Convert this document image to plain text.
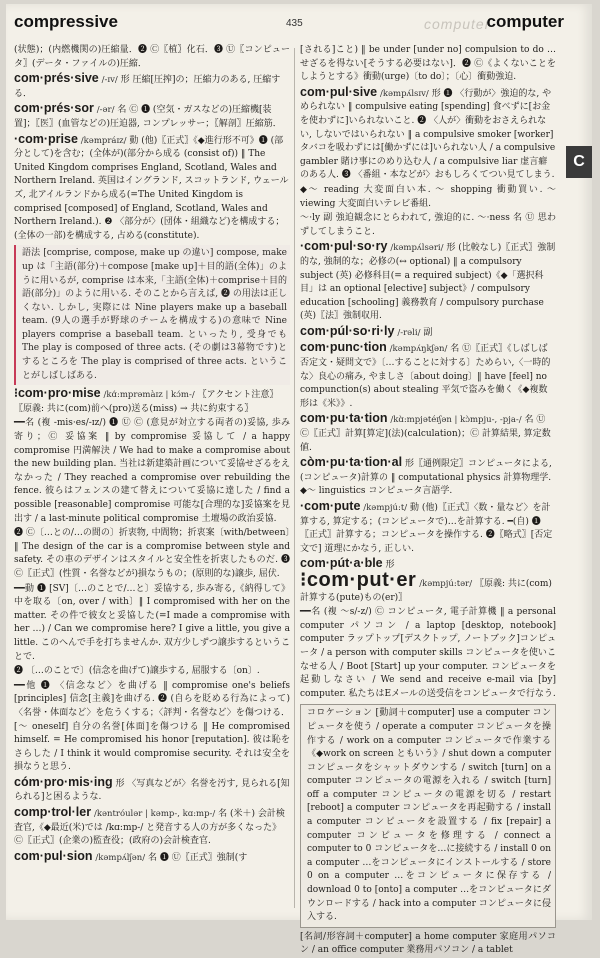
compressive	435	computer
computer
C
(状態)；(内燃機関の)圧縮量．❷ Ⓒ〖植〗化石．❸ Ⓤ〖コンピュータ〗(データ・ファイルの)圧縮．
com·prés·sive /-ɪv/ 形 圧縮[圧搾]の；圧縮力のある, 圧縮する．
com·prés·sor /-ər/ 名 Ⓒ ❶ (空気・ガスなどの)圧縮機[装置]；〖医〗(血管などの)圧迫器, コンプレッサー；〖解剖〗圧縮筋．
·com·prise /kəmpráɪz/ 動 (他)〖正式〗《◆進行形不可》❶ (部分として)を含む；(全体が)(部分から成る (consist of)) ‖ The United Kingdom comprises England, Scotland, Wales and Northern Ireland. 英国はイングランド, スコットランド, ウェールズ, 北アイルランドから成る(=The United Kingdom is comprised [composed] of England, Scotland, Wales and Northern Ireland.). ❷ 〈部分が〉(団体・組織など)を構成する；(全体の一部)を構成する, 占める(constitute).
語法 [comprise, compose, make up の違い] compose, make up は「主語(部分)＋compose [make up]＋目的語(全体)」のように用いるが, comprise は本来,「主語(全体)＋comprise＋目的語(部分)」のように用いる. そのことから言えば, ❷ の用法は正しくない. しかし, 実際には Nine players make up a baseball team. (9人の選手が野球のチームを構成する)の意味で Nine players comprise a baseball team. といったり, 受身でも The play is composed of three acts. (その劇は3幕物です)とするところを The play is comprised of three acts. ということがしばしばある.
⁝com·pro·mise /kɑ́:mprəmàɪz | kɔ́m-/ 〖アクセント注意〗〖原義: 共に(com)前へ(pro)送る(miss) → 共に約束する〗
━━名 (複 -mis·es/-ɪz/) ❶ Ⓤ Ⓒ (意見が対立する両者の)妥協, 歩み寄り；Ⓒ 妥協案 ‖ by compromise 妥協して / a happy compromise 円満解決 / We had to make a compromise about the new building plan. 当社は新建築計画について妥協せざるをえなかった / They reached a compromise over rebuilding the fence. 彼らはフェンスの建て替えについて妥協に達した / find a possible [reasonable] compromise 可能な[合理的な]妥協案を見出す / a last-minute political compromise 土壇場の政治妥協.
❷ Ⓒ〔…との/…の間の〕折衷物, 中間物；折衷案〔with/between〕‖ The design of the car is a compromise between style and safety. その車のデザインはスタイルと安全性を折衷したものだ. ❸ Ⓒ〖正式〗(性質・名誉などが)損なうもの；(原則的な)譲歩, 屈伏.
━━動 ❶ [SV]〔…のことで/…と〕妥協する, 歩み寄る,《納得して》中を取る〔on, over / with〕‖ I compromised with her on the matter. その件で彼女と妥協した(=I made a compromise with her …) / Can we compromise here? I give a little, you give a little. このへんで手を打ちませんか. 双方少しずつ譲歩するということで.
❷ 〔…のことで〕(信念を曲げて)譲歩する, 屈服する〔on〕.
━━他 ❶ 〈信念など〉を曲げる ‖ compromise one's beliefs [principles] 信念[主義]を曲げる. ❷ (自らを貶める行為によって)〈名誉・体面など〉を危うくする；〈評判・名誉など〉を傷つける．[～ oneself] 自分の名誉[体面]を傷つける ‖ He compromised himself. = He compromised his honor [reputation]. 彼は恥をさらした / I think it would compromise security. それは安全を損なうと思う.
cóm·pro·mis·ing 形 〈写真などが〉名誉を汚す, 見られる[知られる]と困るような.
comp·trol·ler /kəntróulər | kəmp-, kɑ:mp-/ 名 (米＋) 会計検査官,《◆最近(米)では /kɑ:mp-/ と発音する人の方が多くなった》Ⓒ〖正式〗(企業の)監査役；(政府の)会計検査官.
com·pul·sion /kəmpʌ́lʃən/ 名 ❶ Ⓤ〖正式〗強制(す
[される]こと) ‖ be under [under no] compulsion to do …せざるを得ない[そうする必要はない]．❷ Ⓒ《よくないことをしようとする》衝動(urge)〔to do〕；〔心〕衝動強迫.
com·pul·sive /kəmpʌ́lsɪv/ 形 ❶ 〈行動が〉強迫的な, やめられない ‖ compulsive eating [spending] 食べずに[お金を使わずに]いられないこと. ❷ 〈人が〉衝動をおさえられない, しないではいられない ‖ a compulsive smoker [worker] タバコを吸わずには[働かずには]いられない人 / a compulsive gambler 賭け事にのめり込む人 / a compulsive liar 虚言癖のある人. ❸ 〈番組・本などが〉おもしろくてつい見てしまう.
◆～ reading 大変面白い本. ～ shopping 衝動買い. ～ viewing 大変面白いテレビ番組.
～·ly 副 強迫観念にとらわれて, 強迫的に. ～·ness 名 Ⓤ 思わずしてしまうこと.
·com·pul·so·ry /kəmpʌ́lsəri/ 形 (比較なし)〖正式〗強制的な, 強制的な；必修の(↔ optional) ‖ a compulsory subject (英) 必修科目(= a required subject)《◆「選択科目」は an optional [elective] subject》/ compulsory education [schooling] 義務教育 / compulsory purchase (英)〖法〗強制収用.
com·púl·so·ri·ly /-rəli/ 副
com·punc·tion /kəmpʌ́ŋkʃən/ 名 Ⓤ〖正式〗《しばしば否定文・疑問文で》〔…することに対する〕ためらい,〈一時的な〉良心の痛み, やましさ〔about doing〕‖ have [feel] no compunction(s) about stealing 平気で盗みを働く《◆複数形は《米》》.
com·pu·ta·tion /kɑ̀:mpjətéɪʃən | kɔ̀mpju-, -pja-/ 名 Ⓤ Ⓒ〖正式〗計算[算定](法)(calculation)；Ⓒ 計算結果, 算定数値.
còm·pu·ta·tion·al 形〖通例限定〗コンピュータによる,(コンピュータ)計算の ‖ computational physics 計算物理学. ◆～ linguistics コンピュータ言語学.
·com·pute /kəmpjú:t/ 動 (他)〖正式〗〈数・量など〉を計算する, 算定する；(コンピュータで)…を計算する. ━(自) ❶〖正式〗計算する；コンピュータを操作する. ❷〖略式〗[否定文で] 道理にかなう, 正しい.
com·pút·a·ble 形
⁝com·put·er /kəmpjú:tər/ 〖原義: 共に(com)計算する(pute)もの(er)〗
━━名 (複 ～s/-z/) Ⓒ コンピュータ, 電子計算機 ‖ a personal computer パソコン / a laptop [desktop, notebook] computer ラップトップ[デスクトップ, ノートブック]コンピュータ / a person with computer skills コンピュータを使いこなせる人 / Boot [Start] up your computer. コンピュータを起動しなさい / We send and receive e-mail via [by] computer. 私たちはEメールの送受信をコンピュータで行なう.
コロケーション [動詞＋computer] use a computer コンピュータを使う / operate a computer コンピュータを操作する / work on a computer コンピュータで作業する《◆work on screen ともいう》/ shut down a computer コンピュータをシャットダウンする / switch [turn] on a computer コンピュータの電源を入れる / switch [turn] off a computer コンピュータの電源を切る / restart [reboot] a computer コンピュータを再起動する / install a computer コンピュータを設置する / fix [repair] a computer コンピュータを修理する / connect a computer to 0 コンピュータを…に接続する / install 0 on a computer …をコンピュータにインストールする / store 0 on a computer …をコンピュータに保存する / download 0 to [onto] a computer …をコンピュータにダウンロードする / hack into a computer コンピュータに侵入する.
[名詞/形容詞＋computer] a home computer 家庭用パソコン / an office computer 業務用パソコン / a tablet
